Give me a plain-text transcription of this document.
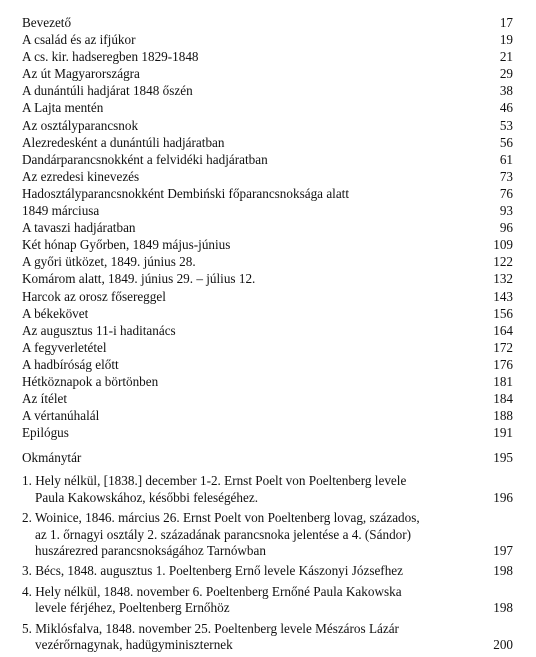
Bevezető	17
A család és az ifjúkor	19
A cs. kir. hadseregben 1829-1848	21
Az út Magyarországra	29
A dunántúli hadjárat 1848 őszén	38
A Lajta mentén	46
Az osztályparancsnok	53
Alezredesként a dunántúli hadjáratban	56
Dandárparancsnokként a felvidéki hadjáratban	61
Az ezredesi kinevezés	73
Hadosztályparancsnokként Dembiński főparancsnoksága alatt	76
1849 márciusa	93
A tavaszi hadjáratban	96
Két hónap Győrben, 1849 május-június	109
A győri ütközet, 1849. június 28.	122
Komárom alatt, 1849. június 29. – július 12.	132
Harcok az orosz fősereggel	143
A békekövet	156
Az augusztus 11-i haditanács	164
A fegyverletétel	172
A hadbíróság előtt	176
Hétköznapok a börtönben	181
Az ítélet	184
A vértanúhalál	188
Epilógus	191
Okmánytár	195
1. Hely nélkül, [1838.] december 1-2. Ernst Poelt von Poeltenberg levele
Paula Kakowskához, későbbi feleségéhez.	196
2. Woinice, 1846. március 26. Ernst Poelt von Poeltenberg lovag, százados,
az 1. őrnagyi osztály 2. századának parancsnoka jelentése a 4. (Sándor)
huszárezred parancsnokságához Tarnówban	197
3. Bécs, 1848. augusztus 1. Poeltenberg Ernő levele Kászonyi Józsefhez	198
4. Hely nélkül, 1848. november 6. Poeltenberg Ernőné Paula Kakowska
levele férjéhez, Poeltenberg Ernőhöz	198
5. Miklósfalva, 1848. november 25. Poeltenberg levele Mészáros Lázár
vezérőrnagynak, hadügyminiszternek	200
